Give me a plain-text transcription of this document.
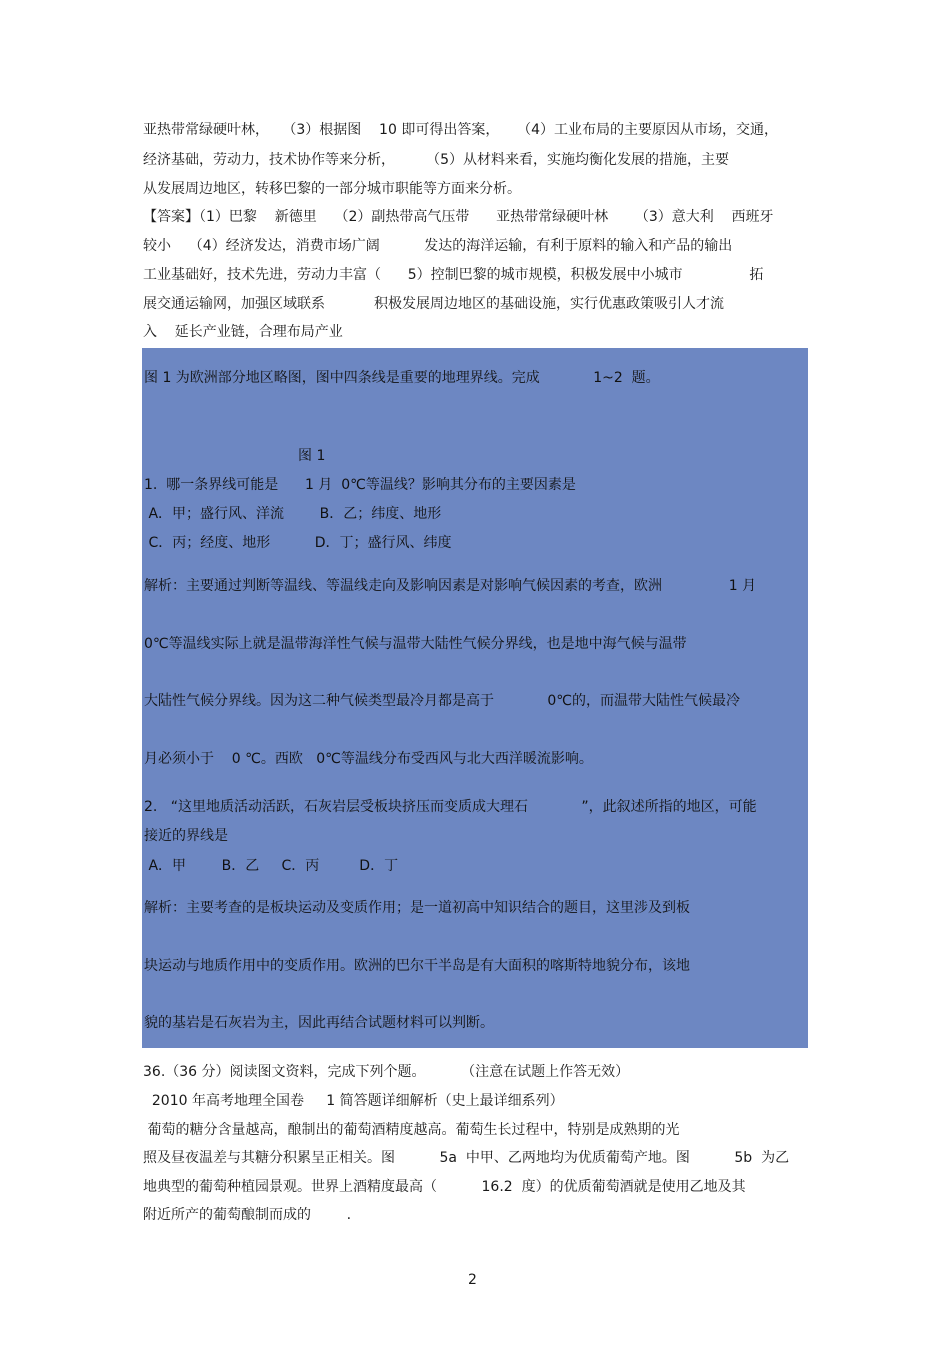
亚热带常绿硬叶林，   （3）根据图    10 即可得出答案，    （4）工业布局的主要原因从市场，交通，
经济基础，劳动力，技术协作等来分析，       （5）从材料来看，实施均衡化发展的措施，主要
从发展周边地区，转移巴黎的一部分城市职能等方面来分析。
【答案】（1）巴黎    新德里    （2）副热带高气压带      亚热带常绿硬叶林      （3）意大利    西班牙
较小    （4）经济发达，消费市场广阔          发达的海洋运输，有利于原料的输入和产品的输出
工业基础好，技术先进，劳动力丰富（      5）控制巴黎的城市规模，积极发展中小城市               拓
展交通运输网，加强区域联系           积极发展周边地区的基础设施，实行优惠政策吸引人才流
入    延长产业链，合理布局产业
图 1 为欧洲部分地区略图，图中四条线是重要的地理界线。完成            1~2  题。
图 1
1.  哪一条界线可能是      1 月  0℃等温线？影响其分布的主要因素是
A．甲；盛行风、洋流        B．乙；纬度、地形
C．丙；经度、地形          D．丁；盛行风、纬度
解析：主要通过判断等温线、等温线走向及影响因素是对影响气候因素的考查，欧洲               1 月
0℃等温线实际上就是温带海洋性气候与温带大陆性气候分界线，也是地中海气候与温带
大陆性气候分界线。因为这二种气候类型最冷月都是高于            0℃的，而温带大陆性气候最冷
月必须小于    0 ℃。西欧   0℃等温线分布受西风与北大西洋暖流影响。
2.   “这里地质活动活跃，石灰岩层受板块挤压而变质成大理石            ”，此叙述所指的地区，可能
接近的界线是
A．甲        B．乙     C．丙         D．丁
解析：主要考查的是板块运动及变质作用；是一道初高中知识结合的题目，这里涉及到板
块运动与地质作用中的变质作用。欧洲的巴尔干半岛是有大面积的喀斯特地貌分布，该地
貌的基岩是石灰岩为主，因此再结合试题材料可以判断。
36.（36 分）阅读图文资料，完成下列个题。        （注意在试题上作答无效）
2010 年高考地理全国卷     1 简答题详细解析（史上最详细系列）
葡萄的糖分含量越高，酿制出的葡萄酒精度越高。葡萄生长过程中，特别是成熟期的光
照及昼夜温差与其糖分积累呈正相关。图          5a  中甲、乙两地均为优质葡萄产地。图          5b  为乙
地典型的葡萄种植园景观。世界上酒精度最高（          16.2  度）的优质葡萄酒就是使用乙地及其
附近所产的葡萄酿制而成的        .
2
